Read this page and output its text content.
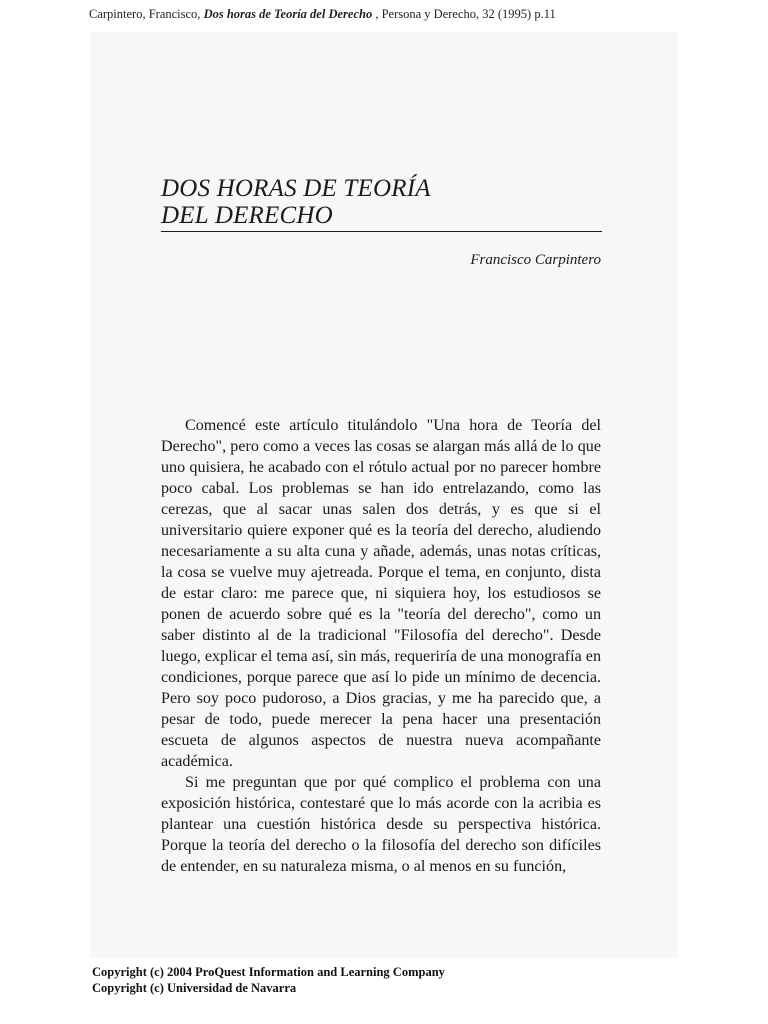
Carpintero, Francisco, Dos horas de Teoría del Derecho , Persona y Derecho, 32 (1995) p.11
DOS HORAS DE TEORÍA
DEL DERECHO
Francisco Carpintero

Comencé este artículo titulándolo "Una hora de Teoría del Derecho", pero como a veces las cosas se alargan más allá de lo que uno quisiera, he acabado con el rótulo actual por no parecer hombre poco cabal. Los problemas se han ido entrelazando, como las cerezas, que al sacar unas salen dos detrás, y es que si el universitario quiere exponer qué es la teoría del derecho, aludiendo necesariamente a su alta cuna y añade, además, unas notas críticas, la cosa se vuelve muy ajetreada. Porque el tema, en conjunto, dista de estar claro: me parece que, ni siquiera hoy, los estudiosos se ponen de acuerdo sobre qué es la "teoría del derecho", como un saber distinto al de la tradicional "Filosofía del derecho". Desde luego, explicar el tema así, sin más, requeriría de una monografía en condiciones, porque parece que así lo pide un mínimo de decencia. Pero soy poco pudoroso, a Dios gracias, y me ha parecido que, a pesar de todo, puede merecer la pena hacer una presentación escueta de algunos aspectos de nuestra nueva acompañante académica.

Si me preguntan que por qué complico el problema con una exposición histórica, contestaré que lo más acorde con la acribia es plantear una cuestión histórica desde su perspectiva histórica. Porque la teoría del derecho o la filosofía del derecho son difíciles de entender, en su naturaleza misma, o al menos en su función,

Copyright (c) 2004 ProQuest Information and Learning Company
Copyright (c) Universidad de Navarra
